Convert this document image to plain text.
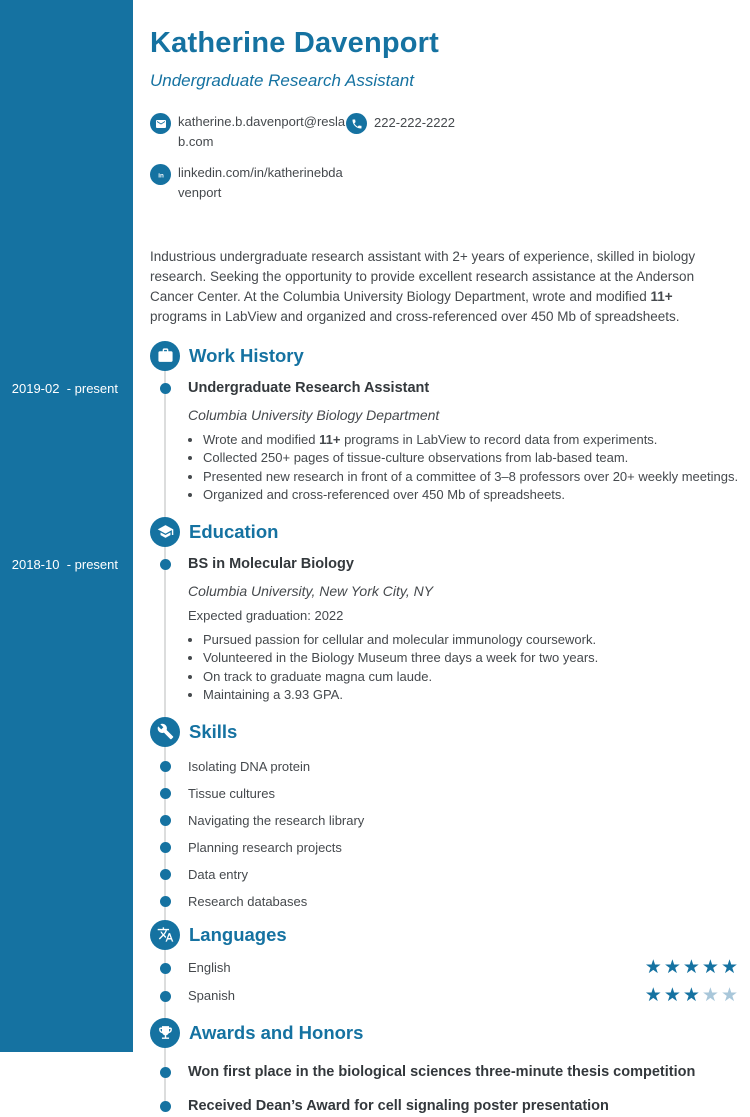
Katherine Davenport
Undergraduate Research Assistant
katherine.b.davenport@reslab.com
222-222-2222
in linkedin.com/in/katherinebdavenport

Industrious undergraduate research assistant with 2+ years of experience, skilled in biology research. Seeking the opportunity to provide excellent research assistance at the Anderson Cancer Center. At the Columbia University Biology Department, wrote and modified 11+ programs in LabView and organized and cross-referenced over 450 Mb of spreadsheets.

Work History
2019-02  - present	Undergraduate Research Assistant
Columbia University Biology Department
• Wrote and modified 11+ programs in LabView to record data from experiments.
• Collected 250+ pages of tissue-culture observations from lab-based team.
• Presented new research in front of a committee of 3–8 professors over 20+ weekly meetings.
• Organized and cross-referenced over 450 Mb of spreadsheets.
Education
2018-10  - present	BS in Molecular Biology
Columbia University, New York City, NY
Expected graduation: 2022
• Pursued passion for cellular and molecular immunology coursework.
• Volunteered in the Biology Museum three days a week for two years.
• On track to graduate magna cum laude.
• Maintaining a 3.93 GPA.
Skills
Isolating DNA protein
Tissue cultures
Navigating the research library
Planning research projects
Data entry
Research databases
Languages
English	★★★★★
Spanish	★★★★★
Awards and Honors
2021-07	Won first place in the biological sciences three-minute thesis competition
2020-02	Received Dean’s Award for cell signaling poster presentation
